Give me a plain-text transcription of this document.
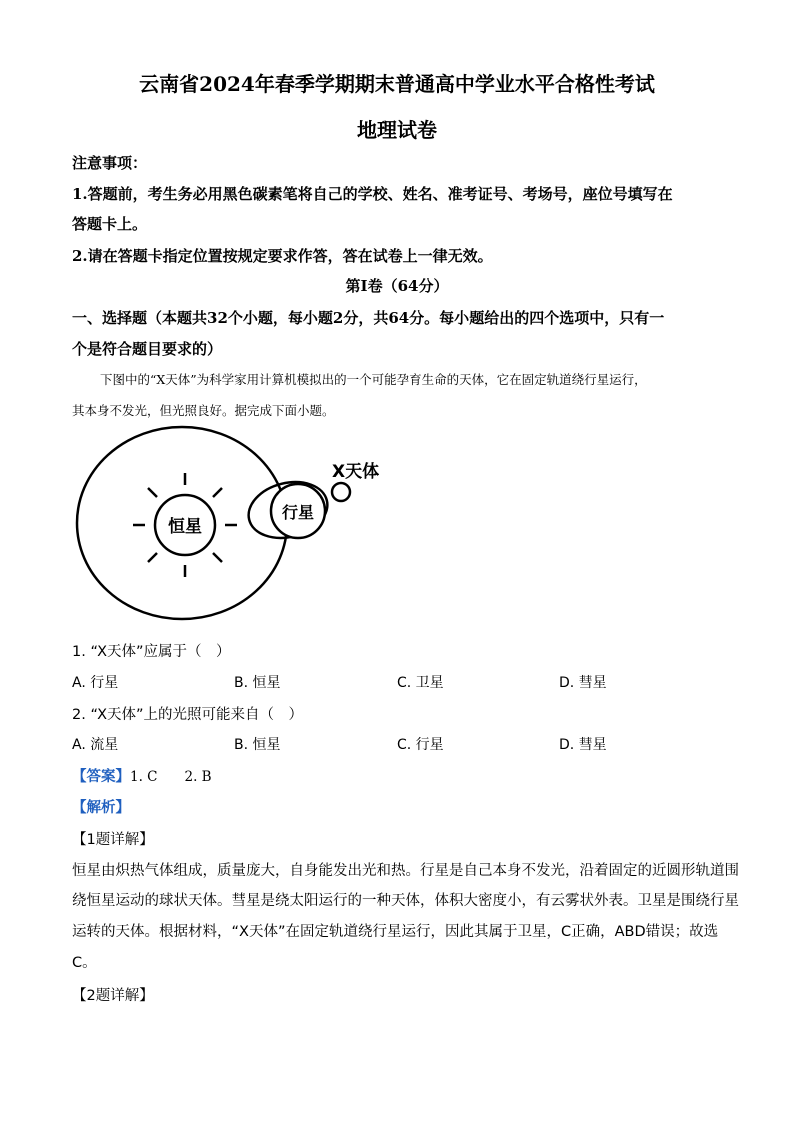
云南省2024年春季学期期末普通高中学业水平合格性考试
地理试卷
注意事项：
1.答题前，考生务必用黑色碳素笔将自己的学校、姓名、准考证号、考场号，座位号填写在
答题卡上。
2.请在答题卡指定位置按规定要求作答，答在试卷上一律无效。
第Ⅰ卷（64分）
一、选择题（本题共32个小题，每小题2分，共64分。每小题给出的四个选项中，只有一
个是符合题目要求的）
下图中的“X天体”为科学家用计算机模拟出的一个可能孕育生命的天体，它在固定轨道绕行星运行，
其本身不发光，但光照良好。据完成下面小题。
恒星
行星
X天体
1. “X天体”应属于（　）
A. 行星	B. 恒星	C. 卫星	D. 彗星
2. “X天体”上的光照可能来自（　）
A. 流星	B. 恒星	C. 行星	D. 彗星
【答案】1. C　　2. B
【解析】
【1题详解】
恒星由炽热气体组成，质量庞大，自身能发出光和热。行星是自己本身不发光，沿着固定的近圆形轨道围
绕恒星运动的球状天体。彗星是绕太阳运行的一种天体，体积大密度小，有云雾状外表。卫星是围绕行星
运转的天体。根据材料，“X天体”在固定轨道绕行星运行，因此其属于卫星，C正确，ABD错误；故选
C。
【2题详解】
